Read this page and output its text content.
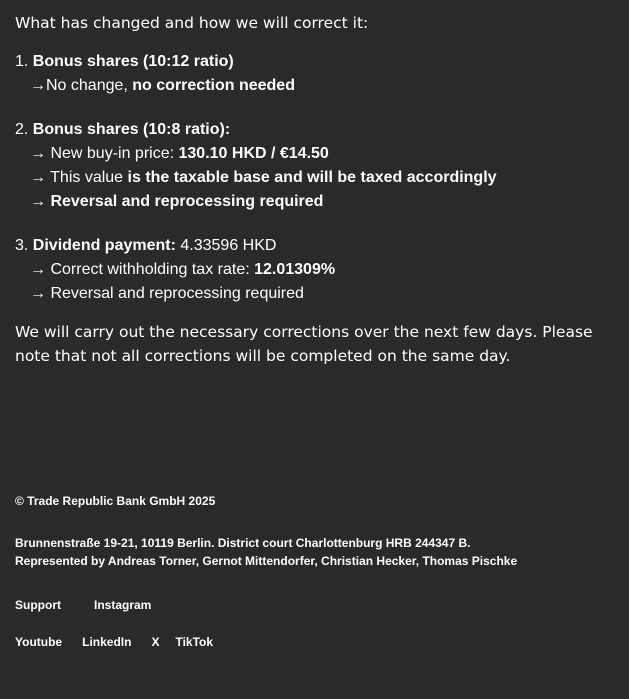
What has changed and how we will correct it:

1. Bonus shares (10:12 ratio)
→No change, no correction needed
2. Bonus shares (10:8 ratio):
→ New buy-in price: 130.10 HKD / €14.50
→ This value is the taxable base and will be taxed accordingly
→ Reversal and reprocessing required
3. Dividend payment: 4.33596 HKD
→ Correct withholding tax rate: 12.01309%
→ Reversal and reprocessing required
We will carry out the necessary corrections over the next few days. Please note that not all corrections will be completed on the same day.
© Trade Republic Bank GmbH 2025
Brunnenstraße 19-21, 10119 Berlin. District court Charlottenburg HRB 244347 B.
Represented by Andreas Torner, Gernot Mittendorfer, Christian Hecker, Thomas Pischke
Support	Instagram
Youtube LinkedIn X TikTok
